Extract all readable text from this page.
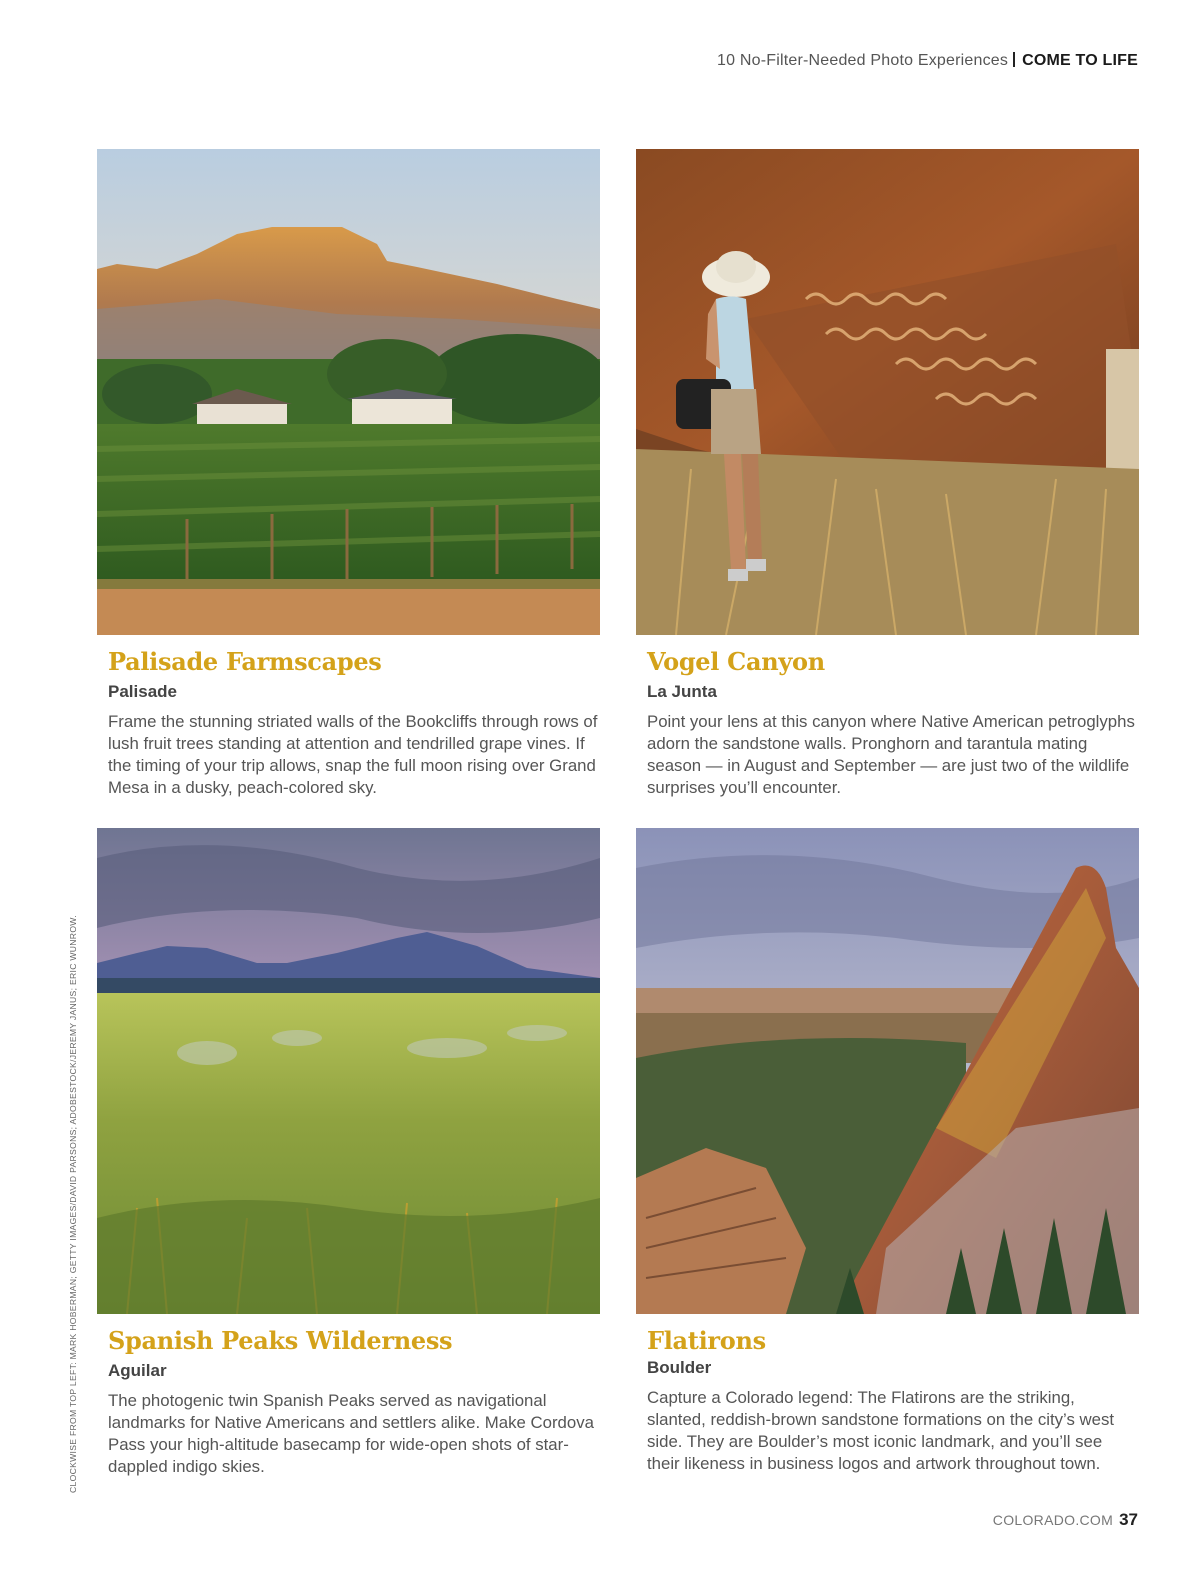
10 No-Filter-Needed Photo Experiences COME TO LIFE
CLOCKWISE FROM TOP LEFT: MARK HOBERMAN; GETTY IMAGES/DAVID PARSONS; ADOBESTOCK/JEREMY JANUS; ERIC WUNROW.
Palisade Farmscapes
Palisade

Frame the stunning striated walls of the Bookcliffs through rows of lush fruit trees standing at attention and tendrilled grape vines. If the timing of your trip allows, snap the full moon rising over Grand Mesa in a dusky, peach-colored sky.

Vogel Canyon
La Junta

Point your lens at this canyon where Native American petroglyphs adorn the sandstone walls. Pronghorn and tarantula mating season — in August and September — are just two of the wildlife surprises you’ll encounter.

Spanish Peaks Wilderness
Aguilar

The photogenic twin Spanish Peaks served as navigational landmarks for Native Americans and settlers alike. Make Cordova Pass your high-altitude basecamp for wide-open shots of star-dappled indigo skies.

Flatirons
Boulder

Capture a Colorado legend: The Flatirons are the striking, slanted, reddish-brown sandstone formations on the city’s west side. They are Boulder’s most iconic landmark, and you’ll see their likeness in business logos and artwork throughout town.

COLORADO.COM 37
